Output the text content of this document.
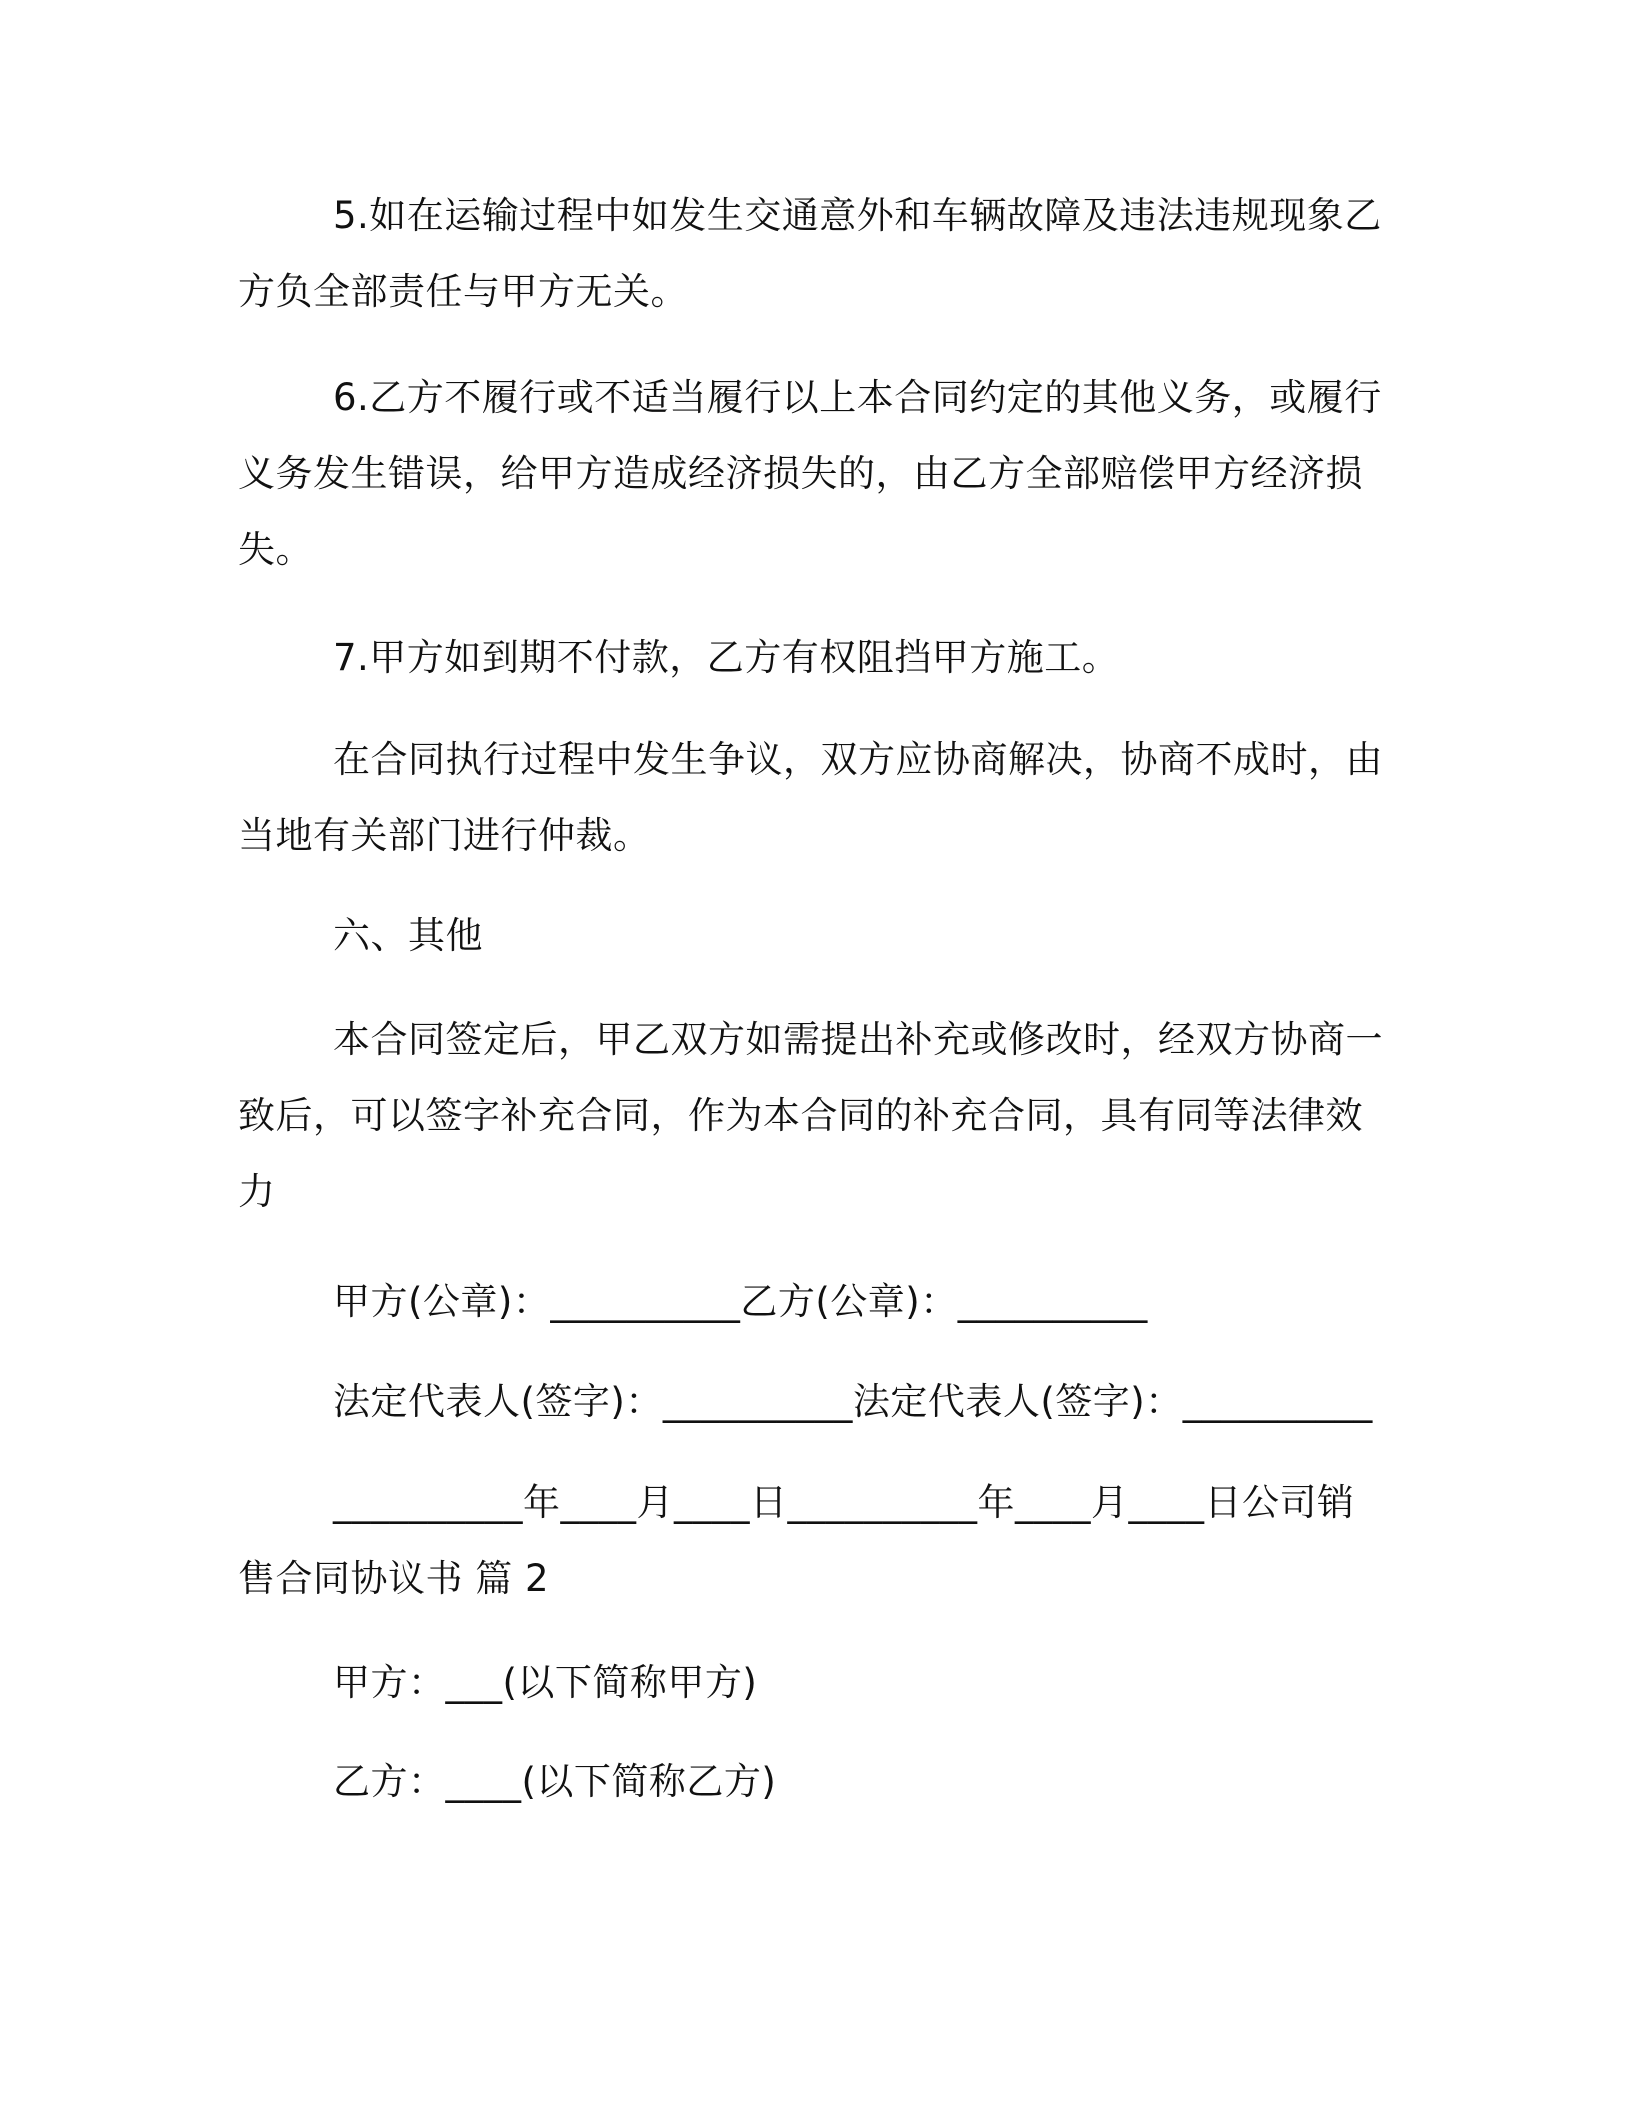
5.如在运输过程中如发生交通意外和车辆故障及违法违规现象乙方负全部责任与甲方无关。

6.乙方不履行或不适当履行以上本合同约定的其他义务，或履行义务发生错误，给甲方造成经济损失的，由乙方全部赔偿甲方经济损失。

7.甲方如到期不付款，乙方有权阻挡甲方施工。

在合同执行过程中发生争议，双方应协商解决，协商不成时，由当地有关部门进行仲裁。

六、其他

本合同签定后，甲乙双方如需提出补充或修改时，经双方协商一致后，可以签字补充合同，作为本合同的补充合同，具有同等法律效力

甲方(公章)：__________乙方(公章)：__________

法定代表人(签字)：__________法定代表人(签字)：__________

__________年____月____日__________年____月____日公司销售合同协议书 篇 2

甲方：___(以下简称甲方)

乙方：____(以下简称乙方)
